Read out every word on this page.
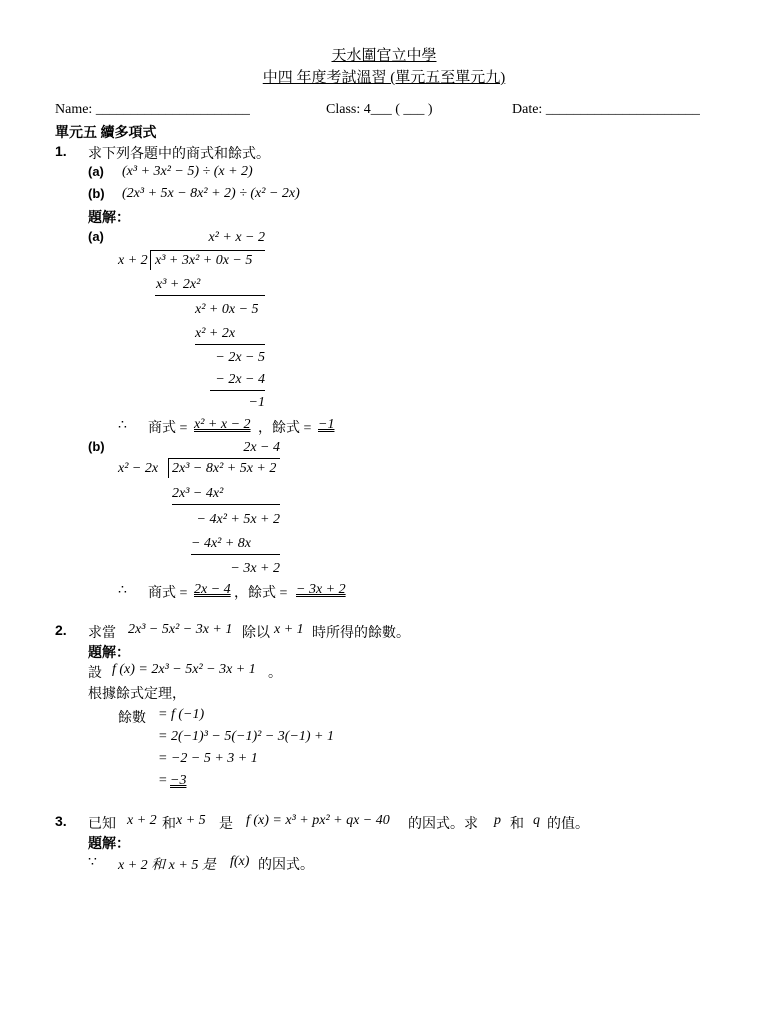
天水圍官立中學
中四 年度考試溫習 (單元五至單元九)
Name: ______________________	Class: 4___ ( ___ )	Date: ______________________
單元五 續多項式
1. 求下列各題中的商式和餘式。
(a) (x³ + 3x² − 5) ÷ (x + 2)
(b) (2x³ + 5x − 8x² + 2) ÷ (x² − 2x)
題解：
(a)	x² + x − 2
x + 2 x³ + 3x² + 0x − 5
x³ + 2x²
x² + 0x − 5
x² + 2x
− 2x − 5
− 2x − 4
−1
∴ 商式 = x² + x − 2 ，餘式 = −1
(b)	2x − 4
x² − 2x 2x³ − 8x² + 5x + 2
2x³ − 4x²
− 4x² + 5x + 2
− 4x² + 8x
− 3x + 2
∴ 商式 = 2x − 4 ，餘式 = − 3x + 2
2. 求當 2x³ − 5x² − 3x + 1 除以 x + 1 時所得的餘數。
題解：
設 f (x) = 2x³ − 5x² − 3x + 1 。
根據餘式定理，
餘數 = f (−1)
= 2(−1)³ − 5(−1)² − 3(−1) + 1
= −2 − 5 + 3 + 1
= −3
3. 已知 x + 2 和 x + 5 是 f (x) = x³ + px² + qx − 40 的因式。求 p 和 q 的值。
題解：
∵ x + 2 和 x + 5 是 f(x) 的因式。
